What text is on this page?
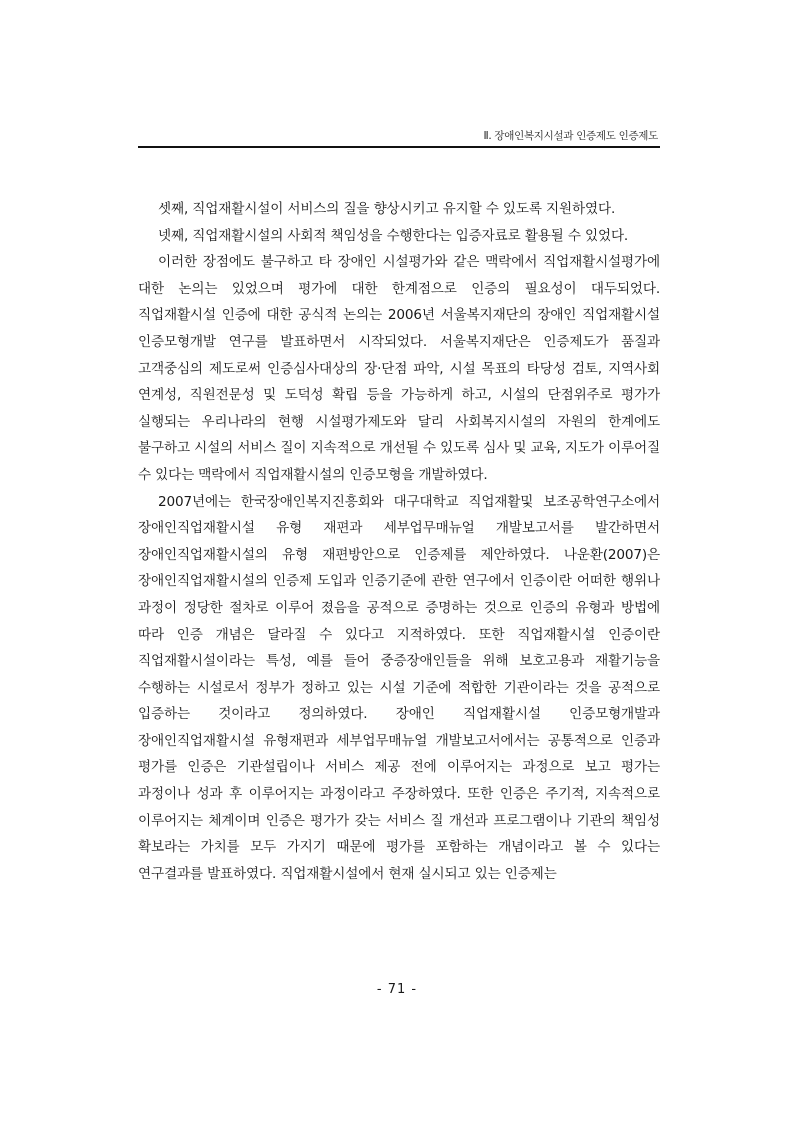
Ⅱ. 장애인복지시설과 인증제도 인증제도

셋째, 직업재활시설이 서비스의 질을 향상시키고 유지할 수 있도록 지원하였다.

넷째, 직업재활시설의 사회적 책임성을 수행한다는 입증자료로 활용될 수 있었다.

이러한 장점에도 불구하고 타 장애인 시설평가와 같은 맥락에서 직업재활시설평가에 대한 논의는 있었으며 평가에 대한 한계점으로 인증의 필요성이 대두되었다. 직업재활시설 인증에 대한 공식적 논의는 2006년 서울복지재단의 장애인 직업재활시설 인증모형개발 연구를 발표하면서 시작되었다. 서울복지재단은 인증제도가 품질과 고객중심의 제도로써 인증심사대상의 장·단점 파악, 시설 목표의 타당성 검토, 지역사회 연계성, 직원전문성 및 도덕성 확립 등을 가능하게 하고, 시설의 단점위주로 평가가 실행되는 우리나라의 현행 시설평가제도와 달리 사회복지시설의 자원의 한계에도 불구하고 시설의 서비스 질이 지속적으로 개선될 수 있도록 심사 및 교육, 지도가 이루어질 수 있다는 맥락에서 직업재활시설의 인증모형을 개발하였다.

2007년에는 한국장애인복지진흥회와 대구대학교 직업재활및 보조공학연구소에서 장애인직업재활시설 유형 재편과 세부업무매뉴얼 개발보고서를 발간하면서 장애인직업재활시설의 유형 재편방안으로 인증제를 제안하였다. 나운환(2007)은 장애인직업재활시설의 인증제 도입과 인증기준에 관한 연구에서 인증이란 어떠한 행위나 과정이 정당한 절차로 이루어 졌음을 공적으로 증명하는 것으로 인증의 유형과 방법에 따라 인증 개념은 달라질 수 있다고 지적하였다. 또한 직업재활시설 인증이란 직업재활시설이라는 특성, 예를 들어 중증장애인들을 위해 보호고용과 재활기능을 수행하는 시설로서 정부가 정하고 있는 시설 기준에 적합한 기관이라는 것을 공적으로 입증하는 것이라고 정의하였다. 장애인 직업재활시설 인증모형개발과 장애인직업재활시설 유형재편과 세부업무매뉴얼 개발보고서에서는 공통적으로 인증과 평가를 인증은 기관설립이나 서비스 제공 전에 이루어지는 과정으로 보고 평가는 과정이나 성과 후 이루어지는 과정이라고 주장하였다. 또한 인증은 주기적, 지속적으로 이루어지는 체계이며 인증은 평가가 갖는 서비스 질 개선과 프로그램이나 기관의 책임성 확보라는 가치를 모두 가지기 때문에 평가를 포함하는 개념이라고 볼 수 있다는 연구결과를 발표하였다. 직업재활시설에서 현재 실시되고 있는 인증제는

- 71 -
